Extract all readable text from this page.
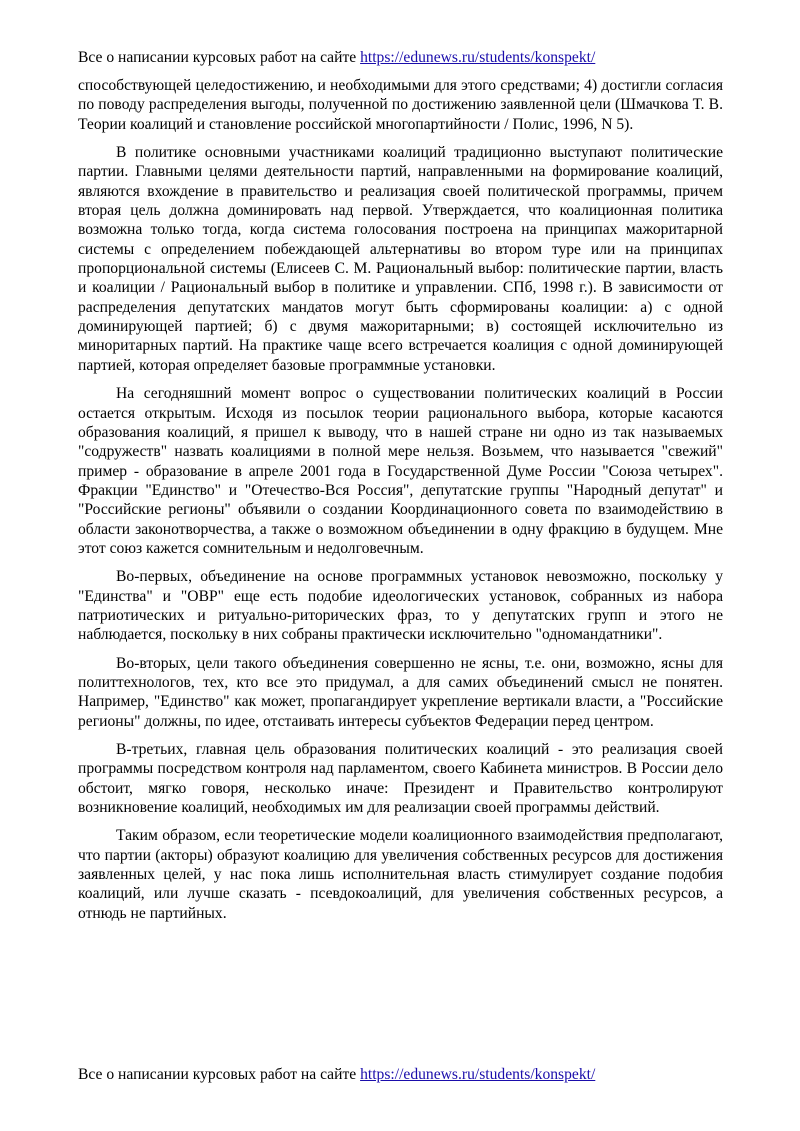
Все о написании курсовых работ на сайте https://edunews.ru/students/konspekt/

способствующей целедостижению, и необходимыми для этого средствами; 4) достигли согласия по поводу распределения выгоды, полученной по достижению заявленной цели (Шмачкова Т. В. Теории коалиций и становление российской многопартийности / Полис, 1996, N 5).

В политике основными участниками коалиций традиционно выступают политические партии. Главными целями деятельности партий, направленными на формирование коалиций, являются вхождение в правительство и реализация своей политической программы, причем вторая цель должна доминировать над первой. Утверждается, что коалиционная политика возможна только тогда, когда система голосования построена на принципах мажоритарной системы с определением побеждающей альтернативы во втором туре или на принципах пропорциональной системы (Елисеев С. М. Рациональный выбор: политические партии, власть и коалиции / Рациональный выбор в политике и управлении. СПб, 1998 г.). В зависимости от распределения депутатских мандатов могут быть сформированы коалиции: а) с одной доминирующей партией; б) с двумя мажоритарными; в) состоящей исключительно из миноритарных партий. На практике чаще всего встречается коалиция с одной доминирующей партией, которая определяет базовые программные установки.

На сегодняшний момент вопрос о существовании политических коалиций в России остается открытым. Исходя из посылок теории рационального выбора, которые касаются образования коалиций, я пришел к выводу, что в нашей стране ни одно из так называемых "содружеств" назвать коалициями в полной мере нельзя. Возьмем, что называется "свежий" пример - образование в апреле 2001 года в Государственной Думе России "Союза четырех". Фракции "Единство" и "Отечество-Вся Россия", депутатские группы "Народный депутат" и "Российские регионы" объявили о создании Координационного совета по взаимодействию в области законотворчества, а также о возможном объединении в одну фракцию в будущем. Мне этот союз кажется сомнительным и недолговечным.

Во-первых, объединение на основе программных установок невозможно, поскольку у "Единства" и "ОВР" еще есть подобие идеологических установок, собранных из набора патриотических и ритуально-риторических фраз, то у депутатских групп и этого не наблюдается, поскольку в них собраны практически исключительно "одномандатники".

Во-вторых, цели такого объединения совершенно не ясны, т.е. они, возможно, ясны для политтехнологов, тех, кто все это придумал, а для самих объединений смысл не понятен. Например, "Единство" как может, пропагандирует укрепление вертикали власти, а "Российские регионы" должны, по идее, отстаивать интересы субъектов Федерации перед центром.

В-третьих, главная цель образования политических коалиций - это реализация своей программы посредством контроля над парламентом, своего Кабинета министров. В России дело обстоит, мягко говоря, несколько иначе: Президент и Правительство контролируют возникновение коалиций, необходимых им для реализации своей программы действий.

Таким образом, если теоретические модели коалиционного взаимодействия предполагают, что партии (акторы) образуют коалицию для увеличения собственных ресурсов для достижения заявленных целей, у нас пока лишь исполнительная власть стимулирует создание подобия коалиций, или лучше сказать - псевдокоалиций, для увеличения собственных ресурсов, а отнюдь не партийных.

Все о написании курсовых работ на сайте https://edunews.ru/students/konspekt/
